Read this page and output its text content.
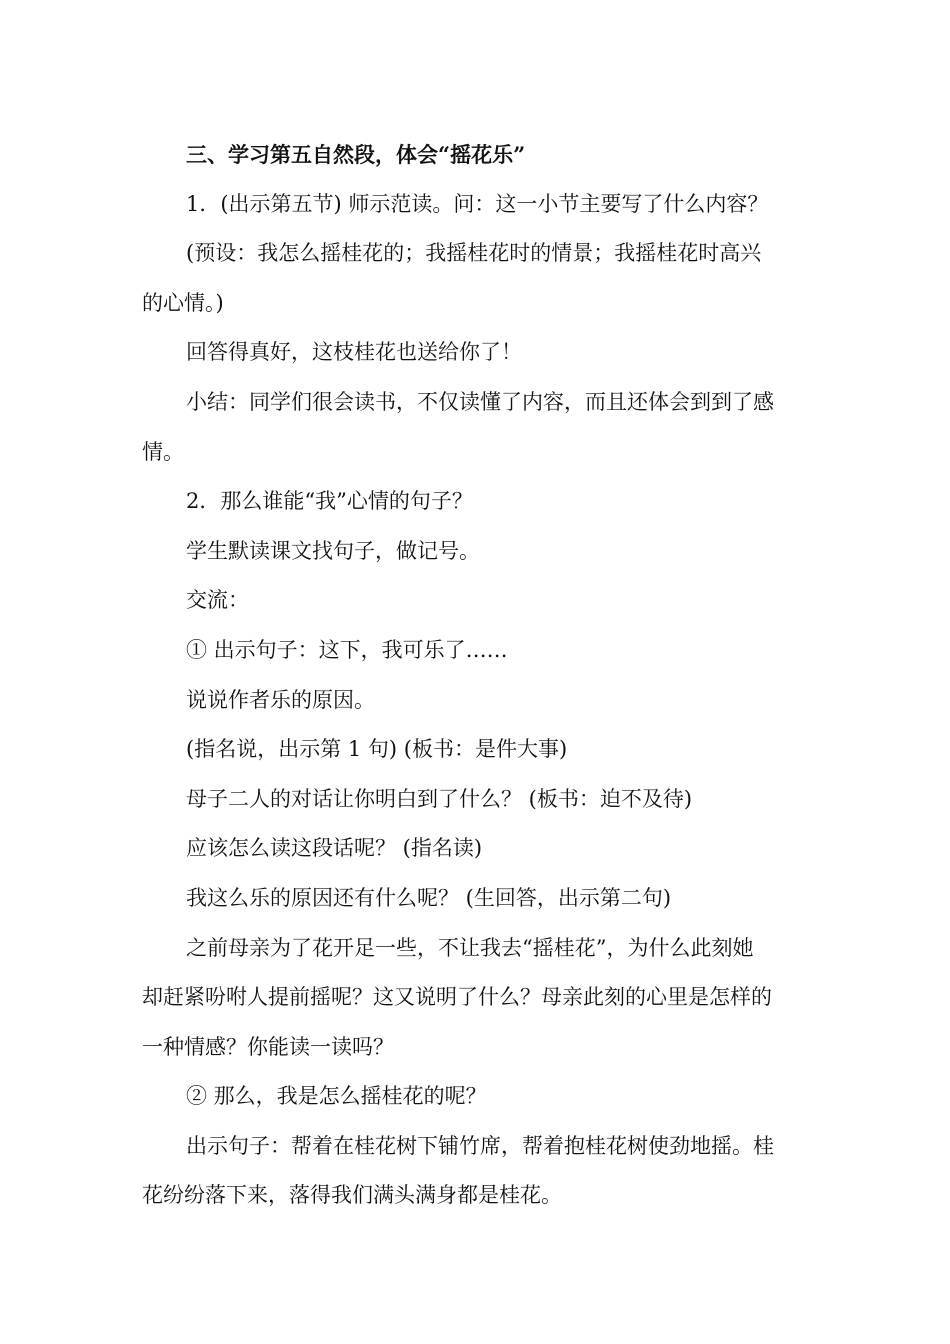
三、学习第五自然段，体会“摇花乐”

1．(出示第五节) 师示范读。问：这一小节主要写了什么内容？

(预设：我怎么摇桂花的；我摇桂花时的情景；我摇桂花时高兴

的心情。)

回答得真好，这枝桂花也送给你了！

小结：同学们很会读书，不仅读懂了内容，而且还体会到到了感

情。

2．那么谁能“我”心情的句子？

学生默读课文找句子，做记号。

交流：

① 出示句子：这下，我可乐了……

说说作者乐的原因。

(指名说，出示第 1 句) (板书：是件大事)

母子二人的对话让你明白到了什么？ (板书：迫不及待)

应该怎么读这段话呢？ (指名读)

我这么乐的原因还有什么呢？ (生回答，出示第二句)

之前母亲为了花开足一些，不让我去“摇桂花”，为什么此刻她

却赶紧吩咐人提前摇呢？这又说明了什么？母亲此刻的心里是怎样的

一种情感？你能读一读吗？

② 那么，我是怎么摇桂花的呢？

出示句子：帮着在桂花树下铺竹席，帮着抱桂花树使劲地摇。桂

花纷纷落下来，落得我们满头满身都是桂花。
